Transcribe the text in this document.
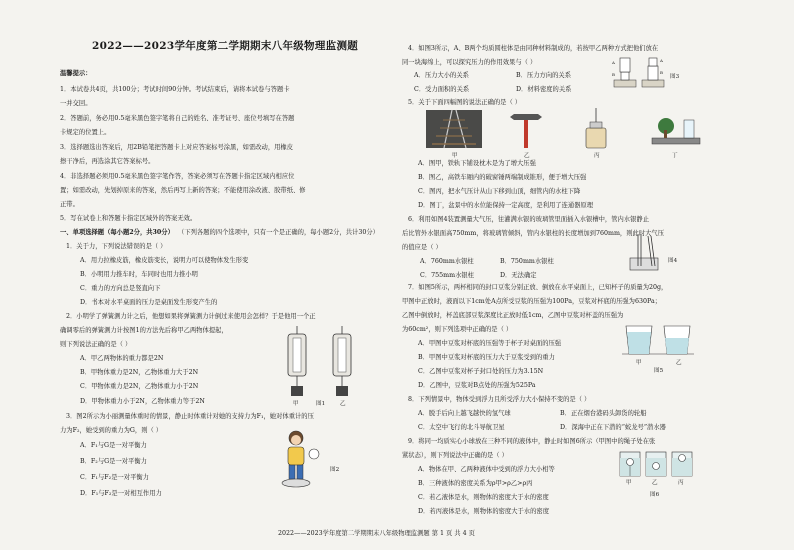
2022——2023学年度第二学期期末八年级物理监测题
温馨提示：
1．本试卷共4页，共100分；考试时间90分钟。考试结束后，请将本试卷与答题卡
一并交回。
2．答题前，务必用0.5毫米黑色签字笔将自己的姓名、准考证号、座位号填写在答题
卡规定的位置上。
3．选择题选出答案后，用2B铅笔把答题卡上对应答案标号涂黑，如需改动，用橡皮
擦干净后，再选涂其它答案标号。
4．非选择题必须用0.5毫米黑色签字笔作答，答案必须写在答题卡指定区域内相应位
置；如需改动，先划掉原来的答案，然后再写上新的答案；不能使用涂改液、胶带纸、修
正带。
5．写在试卷上和答题卡指定区域外的答案无效。
一、单项选择题（每小题2分，共30分） （下列各题的四个选项中，只有一个是正确的，每小题2分，共计30分）
1．关于力，下列说法错误的是（ ）
A．用力拉橡皮筋，橡皮筋变长，说明力可以使物体发生形变
B．小明用力推车时，车同时也用力推小明
C．重力的方向总是竖直向下
D．书本对水平桌面的压力是桌面发生形变产生的
2．小明学了弹簧测力计之后，他想如果将弹簧测力计倒过来使用会怎样？于是他用一个正
确调零后的弹簧测力计按图1的方法先后称甲乙两物体提起，
则下列说法正确的是（ ）
A．甲乙两物体的重力都是2N
B．甲物体重力是2N，乙物体重力大于2N
C．甲物体重力是2N，乙物体重力小于2N
D．甲物体重力小于2N，乙物体重力等于2N	甲	图1	乙
3．图2所示为小丽测量体重时的情景，静止时体重计对她的支持力为F₁，她对体重计的压
力为F₂，她受到的重力为G，则（ ）
A．F₁与G是一对平衡力
B．F₂与G是一对平衡力
C．F₁与F₂是一对平衡力
D．F₁与F₂是一对相互作用力
图2
4．如图3所示，A、B两个均质圆柱体是由同种材料制成的，若按甲乙两种方式把他们放在
同一块海绵上，可以探究压力的作用效果与（ ）
A．压力大小的关系	B．压力方向的关系
C．受力面积的关系	D．材料密度的关系
A
B
A
B
图3
5．关于下面四幅图的说法正确的是（ ）
甲	乙	丙	丁
A．图甲，铁轨下铺设枕木是为了增大压强
B．图乙，高铁车厢内的破窗锤两端制成锥形，便于增大压强
C．图丙，把水气压计从山下移到山顶，细管内的水柱下降
D．图丁，盆景中的水位能保持一定高度，是利用了连通器原理
6．利用如图4装置测量大气压，往灌满水银的玻璃管里面插入水银槽中，管内水银静止
后比管外水银面高750mm，将玻璃管倾斜，管内水银柱的长度增加到760mm，则此时大气压
的值应是（ ）
A．760mm水银柱	B．750mm水银柱
C．755mm水银柱	D．无法确定
图4
7．如图5所示，两杯相同的封口豆浆分别正放、倒放在水平桌面上，已知杯子的质量为20g，
甲图中正放时，液面以下1cm处A点所受豆浆的压强为100Pa，豆浆对杯底的压强为630Pa；
乙图中倒放时，杯盖底部豆浆深度比正放时低1cm，乙图中豆浆对杯盖的压强为
为60cm²，则下列选项中正确的是（ ）
A．甲图中豆浆对杯底的压强等于杯子对桌面的压强
B．甲图中豆浆对杯底的压力大于豆浆受到的重力
C．乙图中豆浆对杯子封口处的压力为3.15N
D．乙图中，豆浆对B点处的压强为525Pa
甲	乙
图5
8．下列情景中，物体受到浮力且所受浮力大小保持不变的是（ ）
A．脱手后向上越飞越快的氢气球	B．正在烟台港码头卸货的轮船
C．太空中飞行的北斗导航卫星	D．深海中正在下潜的“蛟龙号”潜水器
9．将同一均质实心小球放在三种不同的液体中，静止时如图6所示（甲图中的绳子处在张
紧状态），则下列说法中正确的是（ ）
A．物体在甲、乙两种液体中受到的浮力大小相等
B．三种液体的密度关系为ρ甲>ρ乙>ρ丙
C．若乙液体是水，则物体的密度大于水的密度
D．若丙液体是水，则物体的密度大于水的密度
甲	乙	丙
图6
2022——2023学年度第二学期期末八年级物理监测题 第 1 页 共 4 页
